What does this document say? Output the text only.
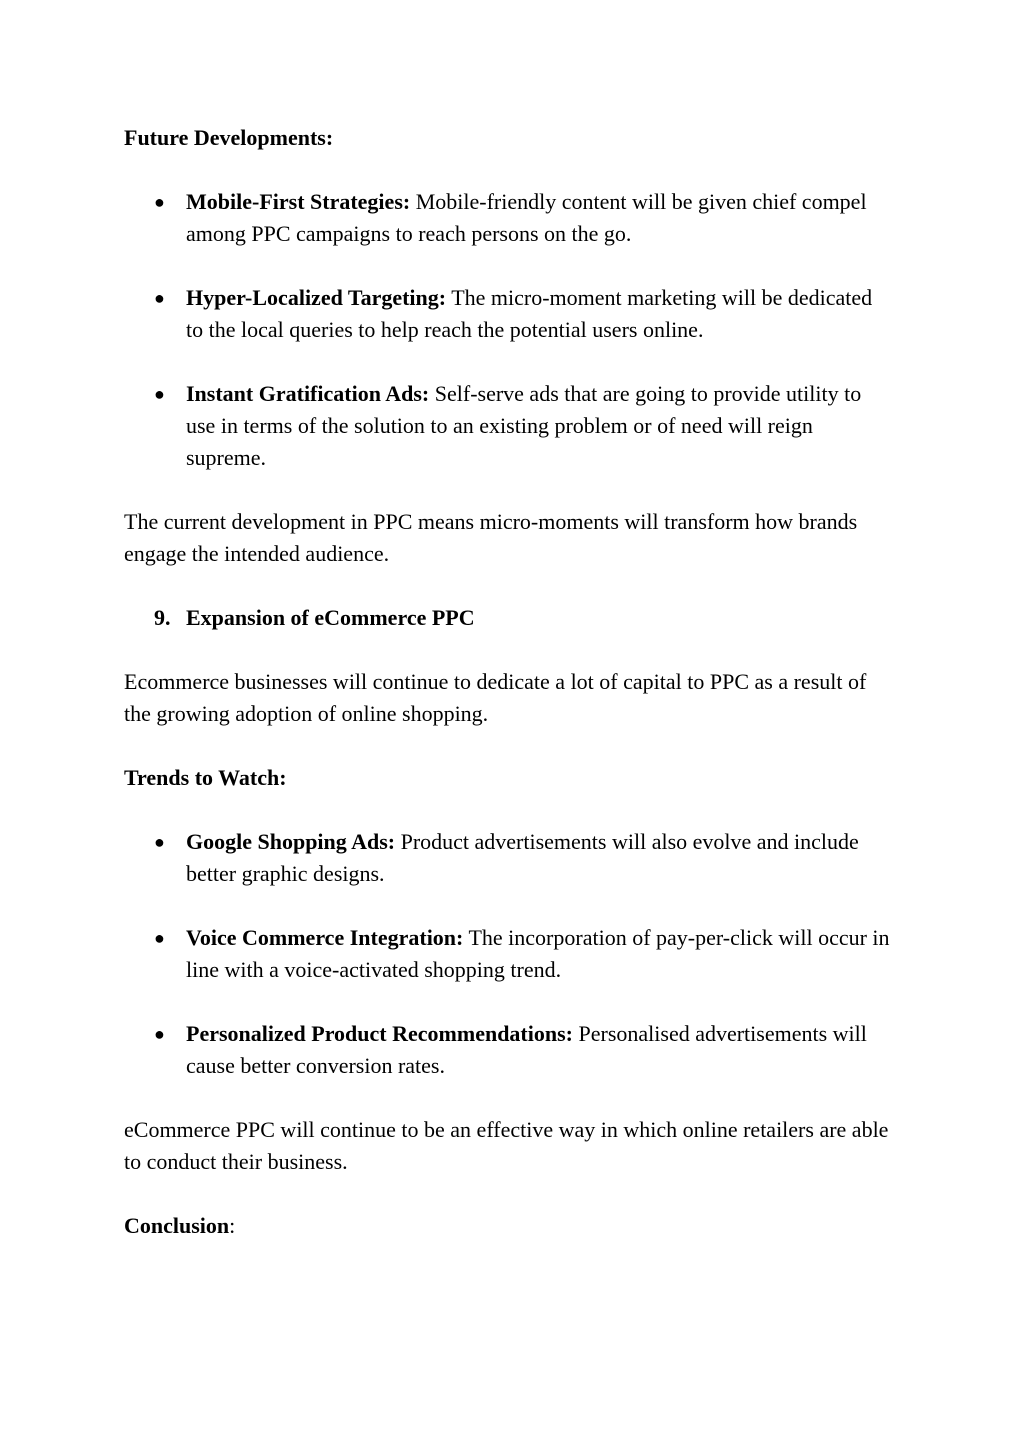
Future Developments:

● Mobile-First Strategies: Mobile-friendly content will be given chief compel among PPC campaigns to reach persons on the go.
● Hyper-Localized Targeting: The micro-moment marketing will be dedicated to the local queries to help reach the potential users online.
● Instant Gratification Ads: Self-serve ads that are going to provide utility to use in terms of the solution to an existing problem or of need will reign supreme.

The current development in PPC means micro-moments will transform how brands engage the intended audience.

9. Expansion of eCommerce PPC

Ecommerce businesses will continue to dedicate a lot of capital to PPC as a result of the growing adoption of online shopping.

Trends to Watch:

● Google Shopping Ads: Product advertisements will also evolve and include better graphic designs.
● Voice Commerce Integration: The incorporation of pay-per-click will occur in line with a voice-activated shopping trend.
● Personalized Product Recommendations: Personalised advertisements will cause better conversion rates.

eCommerce PPC will continue to be an effective way in which online retailers are able to conduct their business.

Conclusion:
